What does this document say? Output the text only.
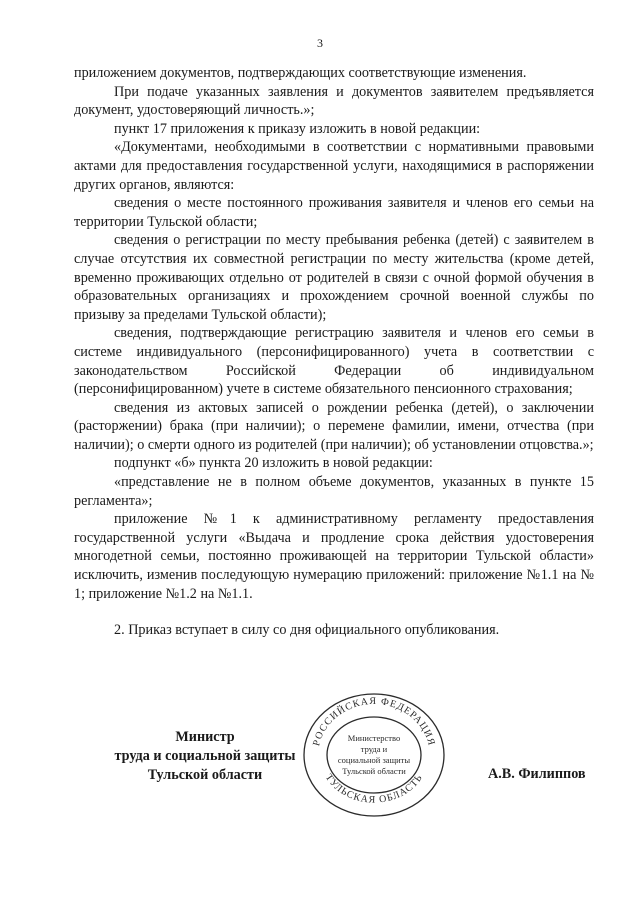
3

приложением документов, подтверждающих соответствующие изменения.

При подаче указанных заявления и документов заявителем предъявляется документ, удостоверяющий личность.»;

пункт 17 приложения к приказу изложить в новой редакции:

«Документами, необходимыми в соответствии с нормативными правовыми актами для предоставления государственной услуги, находящимися в распоряжении других органов, являются:

сведения о месте постоянного проживания заявителя и членов его семьи на территории Тульской области;

сведения о регистрации по месту пребывания ребенка (детей) с заявителем в случае отсутствия их совместной регистрации по месту жительства (кроме детей, временно проживающих отдельно от родителей в связи с очной формой обучения в образовательных организациях и прохождением срочной военной службы по призыву за пределами Тульской области);

сведения, подтверждающие регистрацию заявителя и членов его семьи в системе индивидуального (персонифицированного) учета в соответствии с законодательством Российской Федерации об индивидуальном (персонифицированном) учете в системе обязательного пенсионного страхования;

сведения из актовых записей о рождении ребенка (детей), о заключении (расторжении) брака (при наличии); о перемене фамилии, имени, отчества (при наличии); о смерти одного из родителей (при наличии); об установлении отцовства.»;

подпункт «б» пункта 20 изложить в новой редакции:

«представление не в полном объеме документов, указанных в пункте 15 регламента»;

приложение №1 к административному регламенту предоставления государственной услуги «Выдача и продление срока действия удостоверения многодетной семьи, постоянно проживающей на территории Тульской области» исключить, изменив последующую нумерацию приложений: приложение №1.1 на № 1; приложение №1.2 на №1.1.

2. Приказ вступает в силу со дня официального опубликования.

Министр
труда и социальной защиты
Тульской области
РОССИЙСКАЯ ФЕДЕРАЦИЯ
ТУЛЬСКАЯ ОБЛАСТЬ
Министерство
труда и
социальной защиты
Тульской области	А.В. Филиппов
